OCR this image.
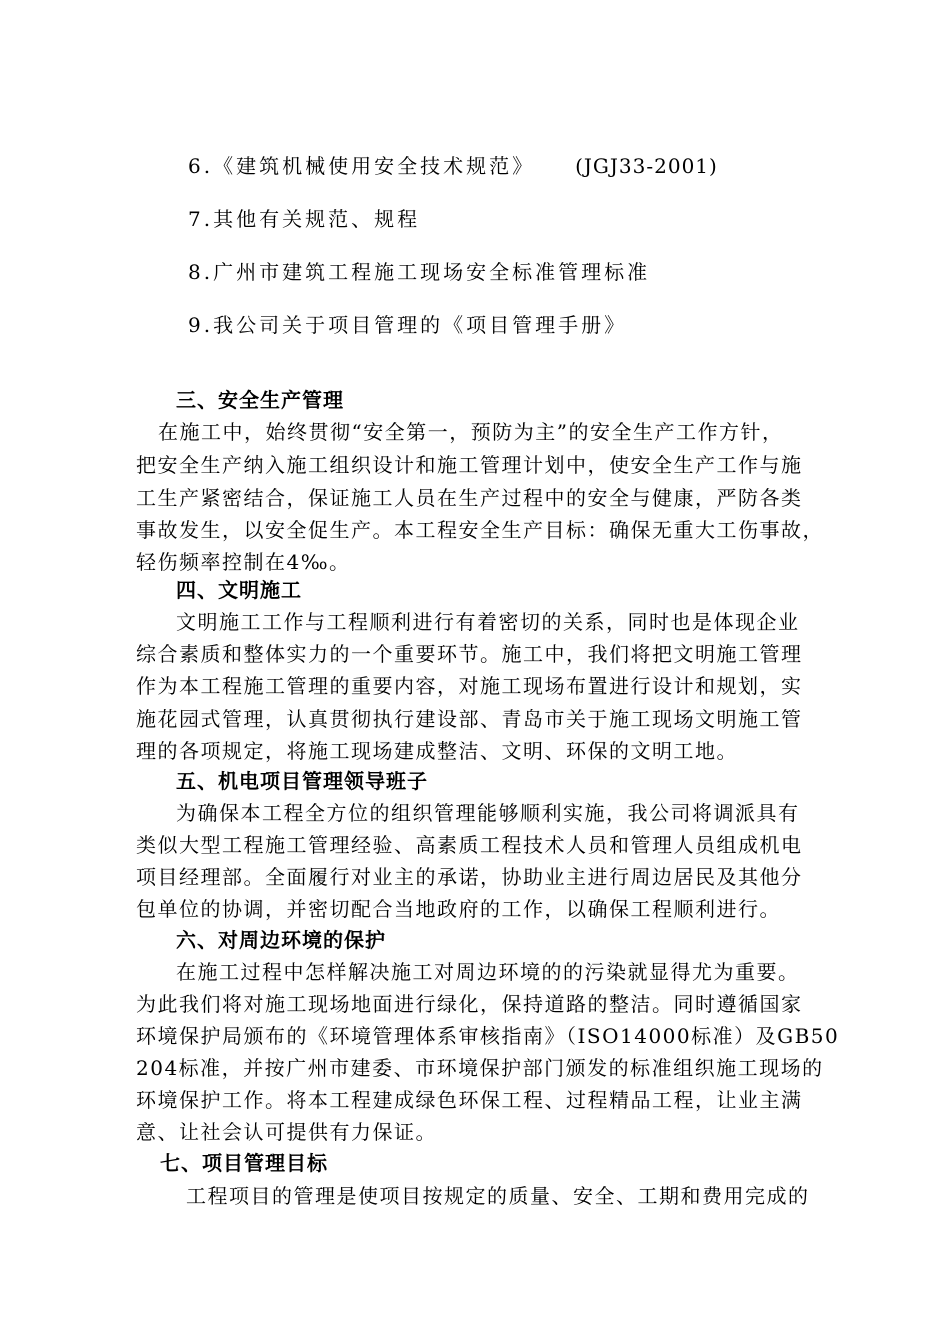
6.《建筑机械使用安全技术规范》 (JGJ33-2001)

7.其他有关规范、规程

8.广州市建筑工程施工现场安全标准管理标准

9.我公司关于项目管理的《项目管理手册》

三、安全生产管理

在施工中，始终贯彻“安全第一，预防为主”的安全生产工作方针，

把安全生产纳入施工组织设计和施工管理计划中，使安全生产工作与施

工生产紧密结合，保证施工人员在生产过程中的安全与健康，严防各类

事故发生，以安全促生产。本工程安全生产目标：确保无重大工伤事故，

轻伤频率控制在4‰。

四、文明施工

文明施工工作与工程顺利进行有着密切的关系，同时也是体现企业

综合素质和整体实力的一个重要环节。施工中，我们将把文明施工管理

作为本工程施工管理的重要内容，对施工现场布置进行设计和规划，实

施花园式管理，认真贯彻执行建设部、青岛市关于施工现场文明施工管

理的各项规定，将施工现场建成整洁、文明、环保的文明工地。

五、机电项目管理领导班子

为确保本工程全方位的组织管理能够顺利实施，我公司将调派具有

类似大型工程施工管理经验、高素质工程技术人员和管理人员组成机电

项目经理部。全面履行对业主的承诺，协助业主进行周边居民及其他分

包单位的协调，并密切配合当地政府的工作，以确保工程顺利进行。

六、对周边环境的保护

在施工过程中怎样解决施工对周边环境的的污染就显得尤为重要。

为此我们将对施工现场地面进行绿化，保持道路的整洁。同时遵循国家

环境保护局颁布的《环境管理体系审核指南》（ISO14000标准）及GB50

204标准，并按广州市建委、市环境保护部门颁发的标准组织施工现场的

环境保护工作。将本工程建成绿色环保工程、过程精品工程，让业主满

意、让社会认可提供有力保证。

七、项目管理目标

工程项目的管理是使项目按规定的质量、安全、工期和费用完成的
